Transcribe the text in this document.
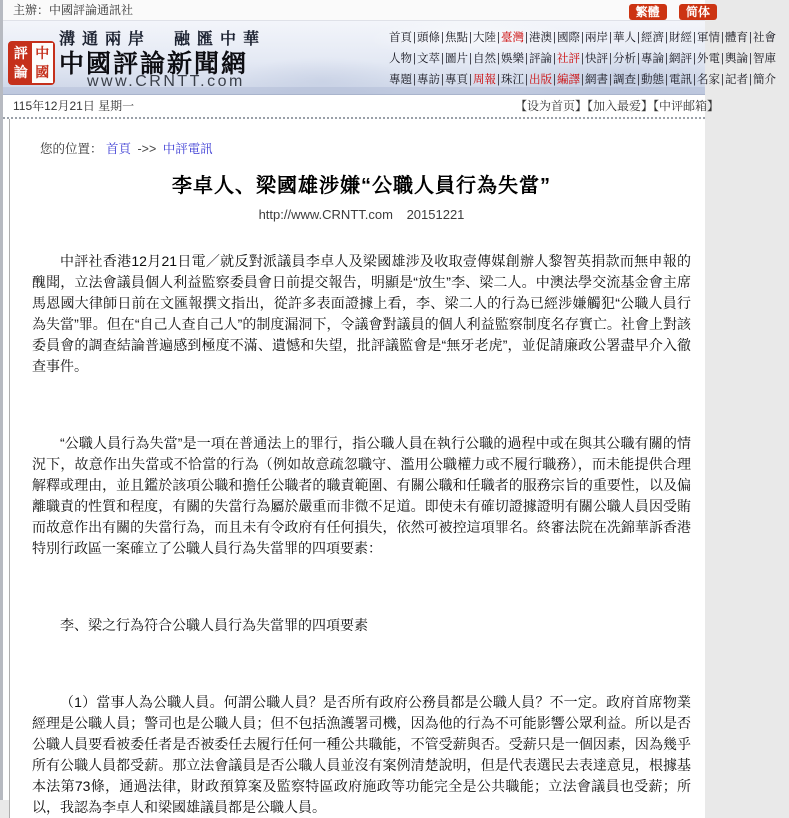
主辦：中國評論通訊社	繁體 简体
評論
中國
溝通兩岸　融匯中華
中國評論新聞網
www.CRNTT.com
首頁|頭條|焦點|大陸|臺灣|港澳|國際|兩岸|華人|經濟|財經|軍情|體育|社會
人物|文萃|圖片|自然|娛樂|評論|社評|快評|分析|專論|網評|外電|輿論|智庫
專題|專訪|專頁|周報|珠江|出版|編譯|網書|調查|動態|電訊|名家|記者|簡介
115年12月21日 星期一	【设为首页】【加入最爱】【中评邮箱】
您的位置： 首頁 ->> 中評電訊
李卓人、梁國雄涉嫌“公職人員行為失當”
http://www.CRNTT.com 20151221

中評社香港12月21日電／就反對派議員李卓人及梁國雄涉及收取壹傳媒創辦人黎智英捐款而無申報的醜聞，立法會議員個人利益監察委員會日前提交報告，明顯是“放生”李、梁二人。中澳法學交流基金會主席馬恩國大律師日前在文匯報撰文指出，從許多表面證據上看，李、梁二人的行為已經涉嫌觸犯“公職人員行為失當”罪。但在“自己人查自己人”的制度漏洞下，令議會對議員的個人利益監察制度名存實亡。社會上對該委員會的調查結論普遍感到極度不滿、遺憾和失望，批評議監會是“無牙老虎”，並促請廉政公署盡早介入徹查事件。

“公職人員行為失當”是一項在普通法上的罪行，指公職人員在執行公職的過程中或在與其公職有關的情況下，故意作出失當或不恰當的行為（例如故意疏忽職守、濫用公職權力或不履行職務），而未能提供合理解釋或理由，並且鑑於該項公職和擔任公職者的職責範圍、有關公職和任職者的服務宗旨的重要性，以及偏離職責的性質和程度，有關的失當行為屬於嚴重而非微不足道。即使未有確切證據證明有關公職人員因受賄而故意作出有關的失當行為，而且未有令政府有任何損失，依然可被控這項罪名。終審法院在冼錦華訴香港特別行政區一案確立了公職人員行為失當罪的四項要素：

李、梁之行為符合公職人員行為失當罪的四項要素

（1）當事人為公職人員。何謂公職人員？是否所有政府公務員都是公職人員？不一定。政府首席物業經理是公職人員；警司也是公職人員；但不包括漁護署司機，因為他的行為不可能影響公眾利益。所以是否公職人員要看被委任者是否被委任去履行任何一種公共職能，不管受薪與否。受薪只是一個因素，因為幾乎所有公職人員都受薪。那立法會議員是否公職人員並沒有案例清楚說明，但是代表選民去表達意見，根據基本法第73條，通過法律，財政預算案及監察特區政府施政等功能完全是公共職能；立法會議員也受薪；所以，我認為李卓人和梁國雄議員都是公職人員。
